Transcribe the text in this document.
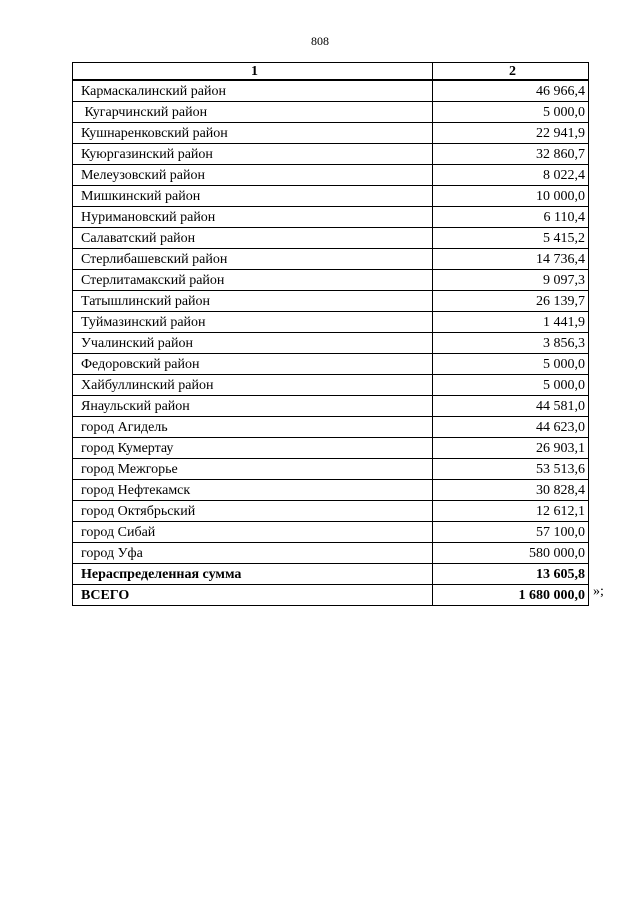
808
1	2
Кармаскалинский район	46 966,4
Кугарчинский район	5 000,0
Кушнаренковский район	22 941,9
Куюргазинский район	32 860,7
Мелеузовский район	8 022,4
Мишкинский район	10 000,0
Нуримановский район	6 110,4
Салаватский район	5 415,2
Стерлибашевский район	14 736,4
Стерлитамакский район	9 097,3
Татышлинский район	26 139,7
Туймазинский район	1 441,9
Учалинский район	3 856,3
Федоровский район	5 000,0
Хайбуллинский район	5 000,0
Янаульский район	44 581,0
город Агидель	44 623,0
город Кумертау	26 903,1
город Межгорье	53 513,6
город Нефтекамск	30 828,4
город Октябрьский	12 612,1
город Сибай	57 100,0
город Уфа	580 000,0
Нераспределенная сумма	13 605,8
ВСЕГО	1 680 000,0 »;
